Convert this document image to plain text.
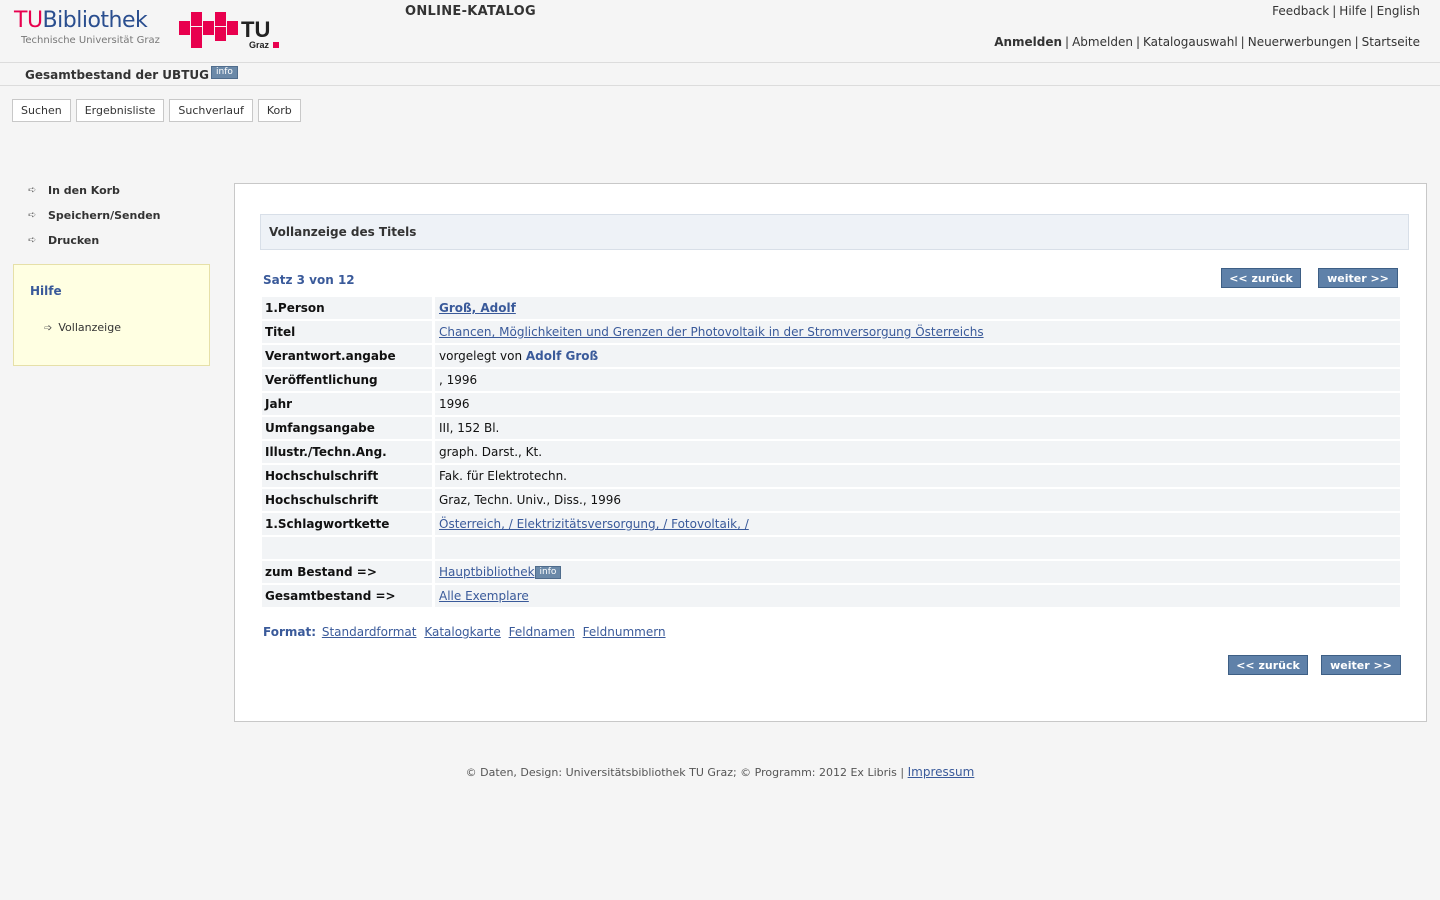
TUBibliothek
Technische Universität Graz	TU
Graz
ONLINE-KATALOG	Feedback | Hilfe | English
Anmelden | Abmelden | Katalogauswahl | Neuerwerbungen | Startseite
Gesamtbestand der UBTUG info
Suchen	Ergebnisliste	Suchverlauf	Korb
➪ In den Korb
➪ Speichern/Senden
➪ Drucken
Hilfe
➩ Vollanzeige
Vollanzeige des Titels
Satz 3 von 12	<< zurück	weiter >>
1.Person	Groß, Adolf
Titel	Chancen, Möglichkeiten und Grenzen der Photovoltaik in der Stromversorgung Österreichs
Verantwort.angabe	vorgelegt von Adolf Groß
Veröffentlichung	, 1996
Jahr	1996
Umfangsangabe	III, 152 Bl.
Illustr./Techn.Ang.	graph. Darst., Kt.
Hochschulschrift	Fak. für Elektrotechn.
Hochschulschrift	Graz, Techn. Univ., Diss., 1996
1.Schlagwortkette	Österreich, / Elektrizitätsversorgung, / Fotovoltaik, /
zum Bestand =>	Hauptbibliothek info
Gesamtbestand =>	Alle Exemplare
Format: Standardformat Katalogkarte Feldnamen Feldnummern
<< zurück	weiter >>
© Daten, Design: Universitätsbibliothek TU Graz; © Programm: 2012 Ex Libris | Impressum
